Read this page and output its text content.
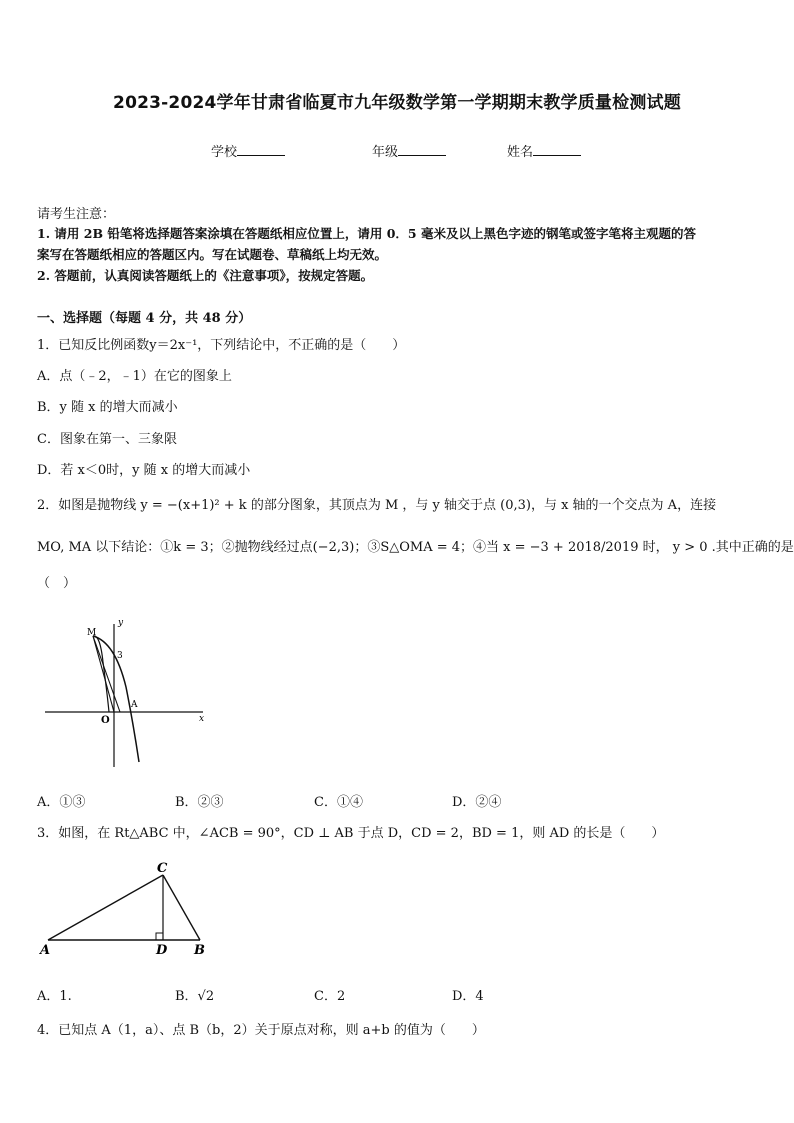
2023-2024学年甘肃省临夏市九年级数学第一学期期末教学质量检测试题
学校	年级	姓名
请考生注意：
1. 请用 2B 铅笔将选择题答案涂填在答题纸相应位置上，请用 0．5 毫米及以上黑色字迹的钢笔或签字笔将主观题的答
案写在答题纸相应的答题区内。写在试题卷、草稿纸上均无效。
2. 答题前，认真阅读答题纸上的《注意事项》，按规定答题。
一、选择题（每题 4 分，共 48 分）
1．已知反比例函数y＝2x⁻¹，下列结论中，不正确的是（　　）
A．点（﹣2，﹣1）在它的图象上
B．y 随 x 的增大而减小
C．图象在第一、三象限
D．若 x＜0时，y 随 x 的增大而减小
2．如图是抛物线 y = −(x+1)² + k 的部分图象，其顶点为 M ，与 y 轴交于点 (0,3)，与 x 轴的一个交点为 A，连接
MO, MA 以下结论：①k = 3；②抛物线经过点(−2,3)；③S△OMA = 4；④当 x = −3 + 2018/2019 时， y > 0 .其中正确的是
（　）
M
y
3
A
O	x
A．①③	B．②③	C．①④	D．②④
3．如图，在 Rt△ABC 中，∠ACB = 90°，CD ⊥ AB 于点 D，CD = 2，BD = 1，则 AD 的长是（　　）
A	B
C
D
A．1.	B．√2	C．2	D．4
4．已知点 A（1，a）、点 B（b，2）关于原点对称，则 a+b 的值为（　　）
